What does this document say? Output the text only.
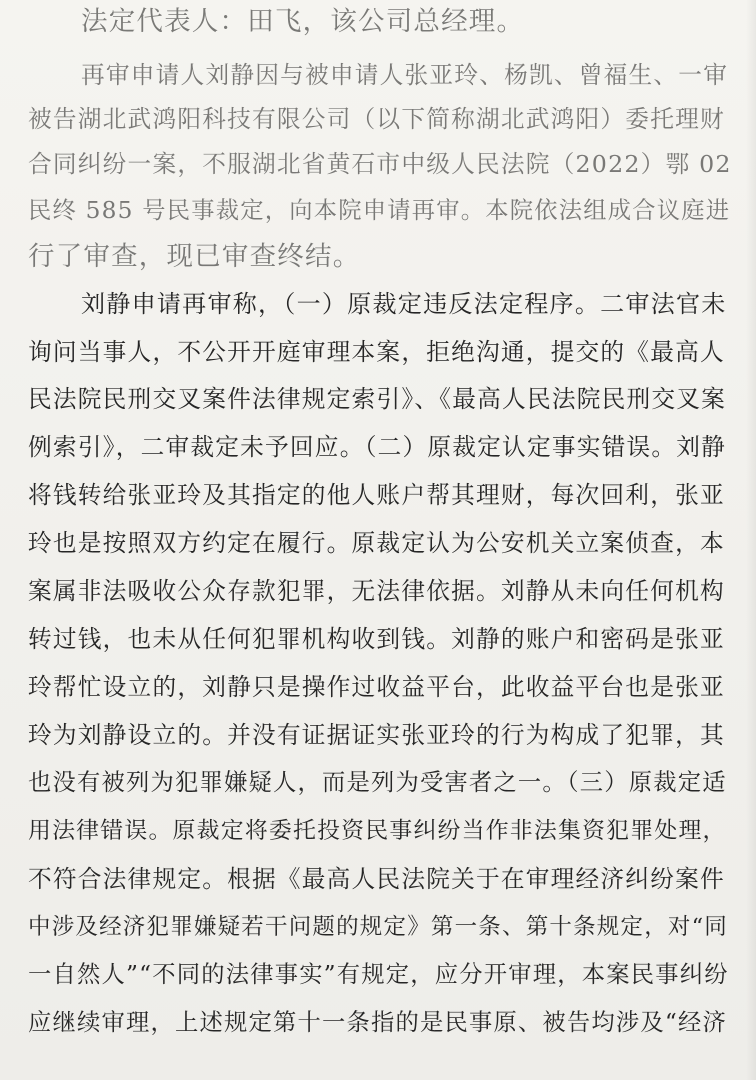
法定代表人：田飞，该公司总经理。
再审申请人刘静因与被申请人张亚玲、杨凯、曾福生、一审
被告湖北武鸿阳科技有限公司（以下简称湖北武鸿阳）委托理财
合同纠纷一案，不服湖北省黄石市中级人民法院（2022）鄂 02
民终 585 号民事裁定，向本院申请再审。本院依法组成合议庭进
行了审查，现已审查终结。
刘静申请再审称，（一）原裁定违反法定程序。二审法官未
询问当事人，不公开开庭审理本案，拒绝沟通，提交的《最高人
民法院民刑交叉案件法律规定索引》、《最高人民法院民刑交叉案
例索引》，二审裁定未予回应。（二）原裁定认定事实错误。刘静
将钱转给张亚玲及其指定的他人账户帮其理财，每次回利，张亚
玲也是按照双方约定在履行。原裁定认为公安机关立案侦查，本
案属非法吸收公众存款犯罪，无法律依据。刘静从未向任何机构
转过钱，也未从任何犯罪机构收到钱。刘静的账户和密码是张亚
玲帮忙设立的，刘静只是操作过收益平台，此收益平台也是张亚
玲为刘静设立的。并没有证据证实张亚玲的行为构成了犯罪，其
也没有被列为犯罪嫌疑人，而是列为受害者之一。（三）原裁定适
用法律错误。原裁定将委托投资民事纠纷当作非法集资犯罪处理，
不符合法律规定。根据《最高人民法院关于在审理经济纠纷案件
中涉及经济犯罪嫌疑若干问题的规定》第一条、第十条规定，对“同
一自然人”“不同的法律事实”有规定，应分开审理，本案民事纠纷
应继续审理，上述规定第十一条指的是民事原、被告均涉及“经济
